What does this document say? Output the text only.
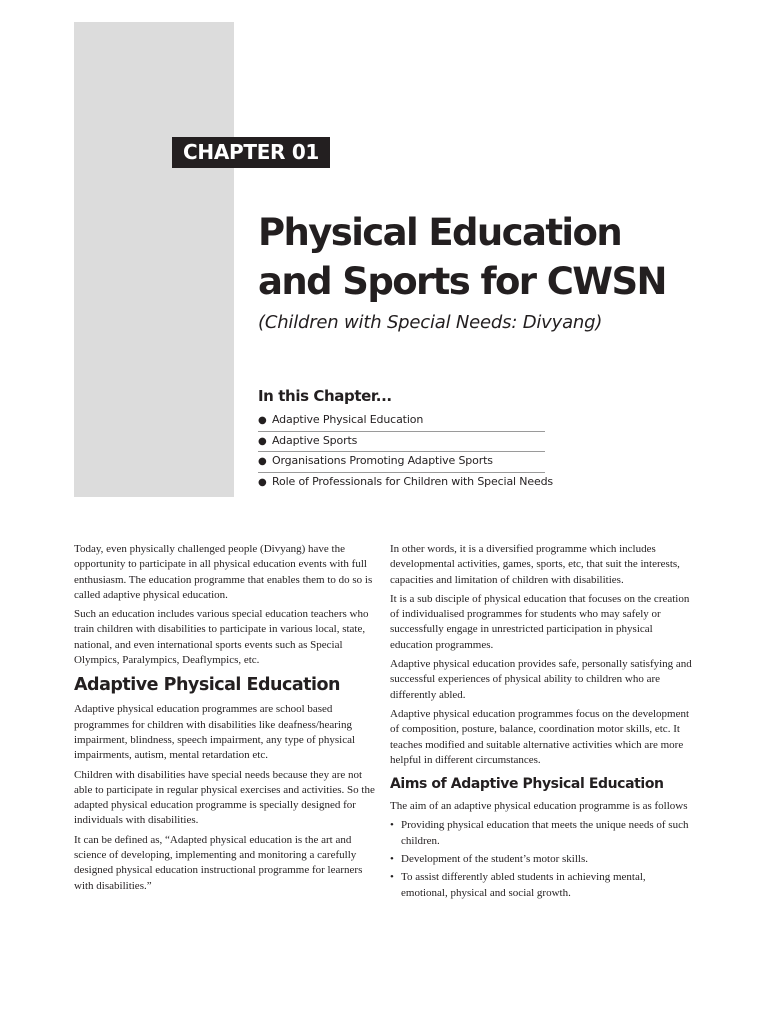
CHAPTER 01
Physical Education
and Sports for CWSN
(Children with Special Needs: Divyang)
In this Chapter...
● Adaptive Physical Education
● Adaptive Sports
● Organisations Promoting Adaptive Sports
● Role of Professionals for Children with Special Needs

Today, even physically challenged people (Divyang) have the opportunity to participate in all physical education events with full enthusiasm. The education programme that enables them to do so is called adaptive physical education.

Such an education includes various special education teachers who train children with disabilities to participate in various local, state, national, and even international sports events such as Special Olympics, Paralympics, Deaflympics, etc.

Adaptive Physical Education

Adaptive physical education programmes are school based programmes for children with disabilities like deafness/hearing impairment, blindness, speech impairment, any type of physical impairments, autism, mental retardation etc.

Children with disabilities have special needs because they are not able to participate in regular physical exercises and activities. So the adapted physical education programme is specially designed for individuals with disabilities.

It can be defined as, “Adapted physical education is the art and science of developing, implementing and monitoring a carefully designed physical education instructional programme for learners with disabilities.”

In other words, it is a diversified programme which includes developmental activities, games, sports, etc, that suit the interests, capacities and limitation of children with disabilities.

It is a sub disciple of physical education that focuses on the creation of individualised programmes for students who may safely or successfully engage in unrestricted participation in physical education programmes.

Adaptive physical education provides safe, personally satisfying and successful experiences of physical ability to children who are differently abled.

Adaptive physical education programmes focus on the development of composition, posture, balance, coordination motor skills, etc. It teaches modified and suitable alternative activities which are more helpful in different circumstances.

Aims of Adaptive Physical Education

The aim of an adaptive physical education programme is as follows

• Providing physical education that meets the unique needs of such children.
• Development of the student’s motor skills.
• To assist differently abled students in achieving mental, emotional, physical and social growth.
